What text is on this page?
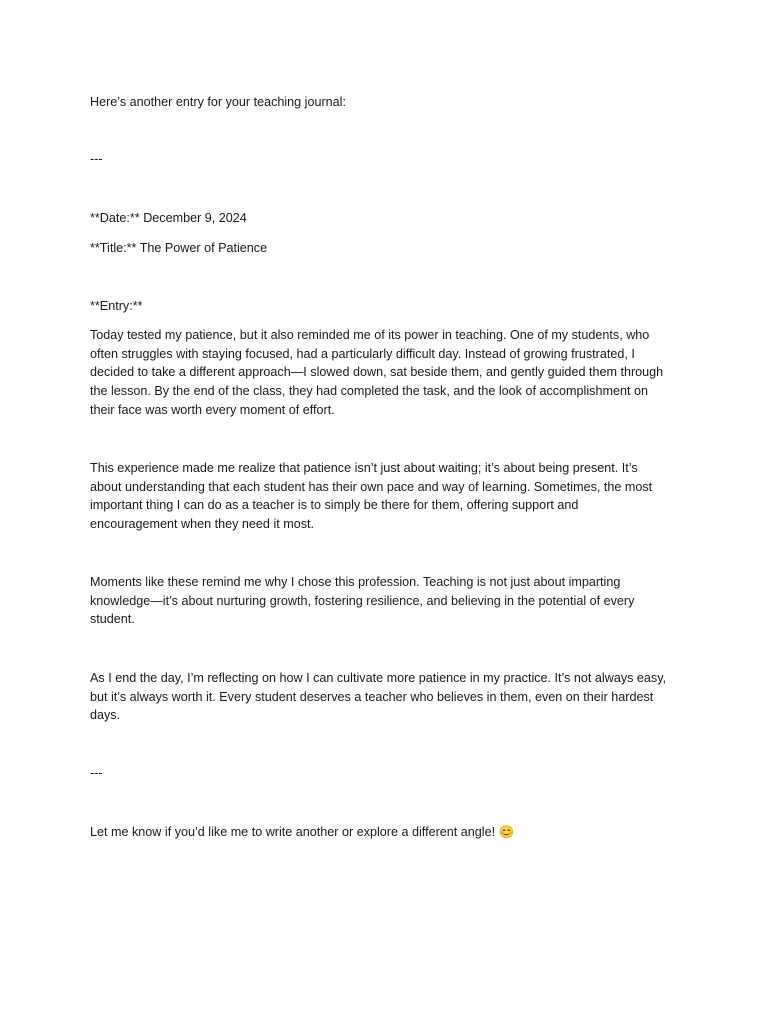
Here’s another entry for your teaching journal:

---

**Date:** December 9, 2024

**Title:** The Power of Patience

**Entry:**

Today tested my patience, but it also reminded me of its power in teaching. One of my students, who
often struggles with staying focused, had a particularly difficult day. Instead of growing frustrated, I
decided to take a different approach—I slowed down, sat beside them, and gently guided them through
the lesson. By the end of the class, they had completed the task, and the look of accomplishment on
their face was worth every moment of effort.
This experience made me realize that patience isn’t just about waiting; it’s about being present. It’s
about understanding that each student has their own pace and way of learning. Sometimes, the most
important thing I can do as a teacher is to simply be there for them, offering support and
encouragement when they need it most.
Moments like these remind me why I chose this profession. Teaching is not just about imparting
knowledge—it’s about nurturing growth, fostering resilience, and believing in the potential of every
student.
As I end the day, I’m reflecting on how I can cultivate more patience in my practice. It’s not always easy,
but it’s always worth it. Every student deserves a teacher who believes in them, even on their hardest
days.

---

Let me know if you’d like me to write another or explore a different angle! 😊
